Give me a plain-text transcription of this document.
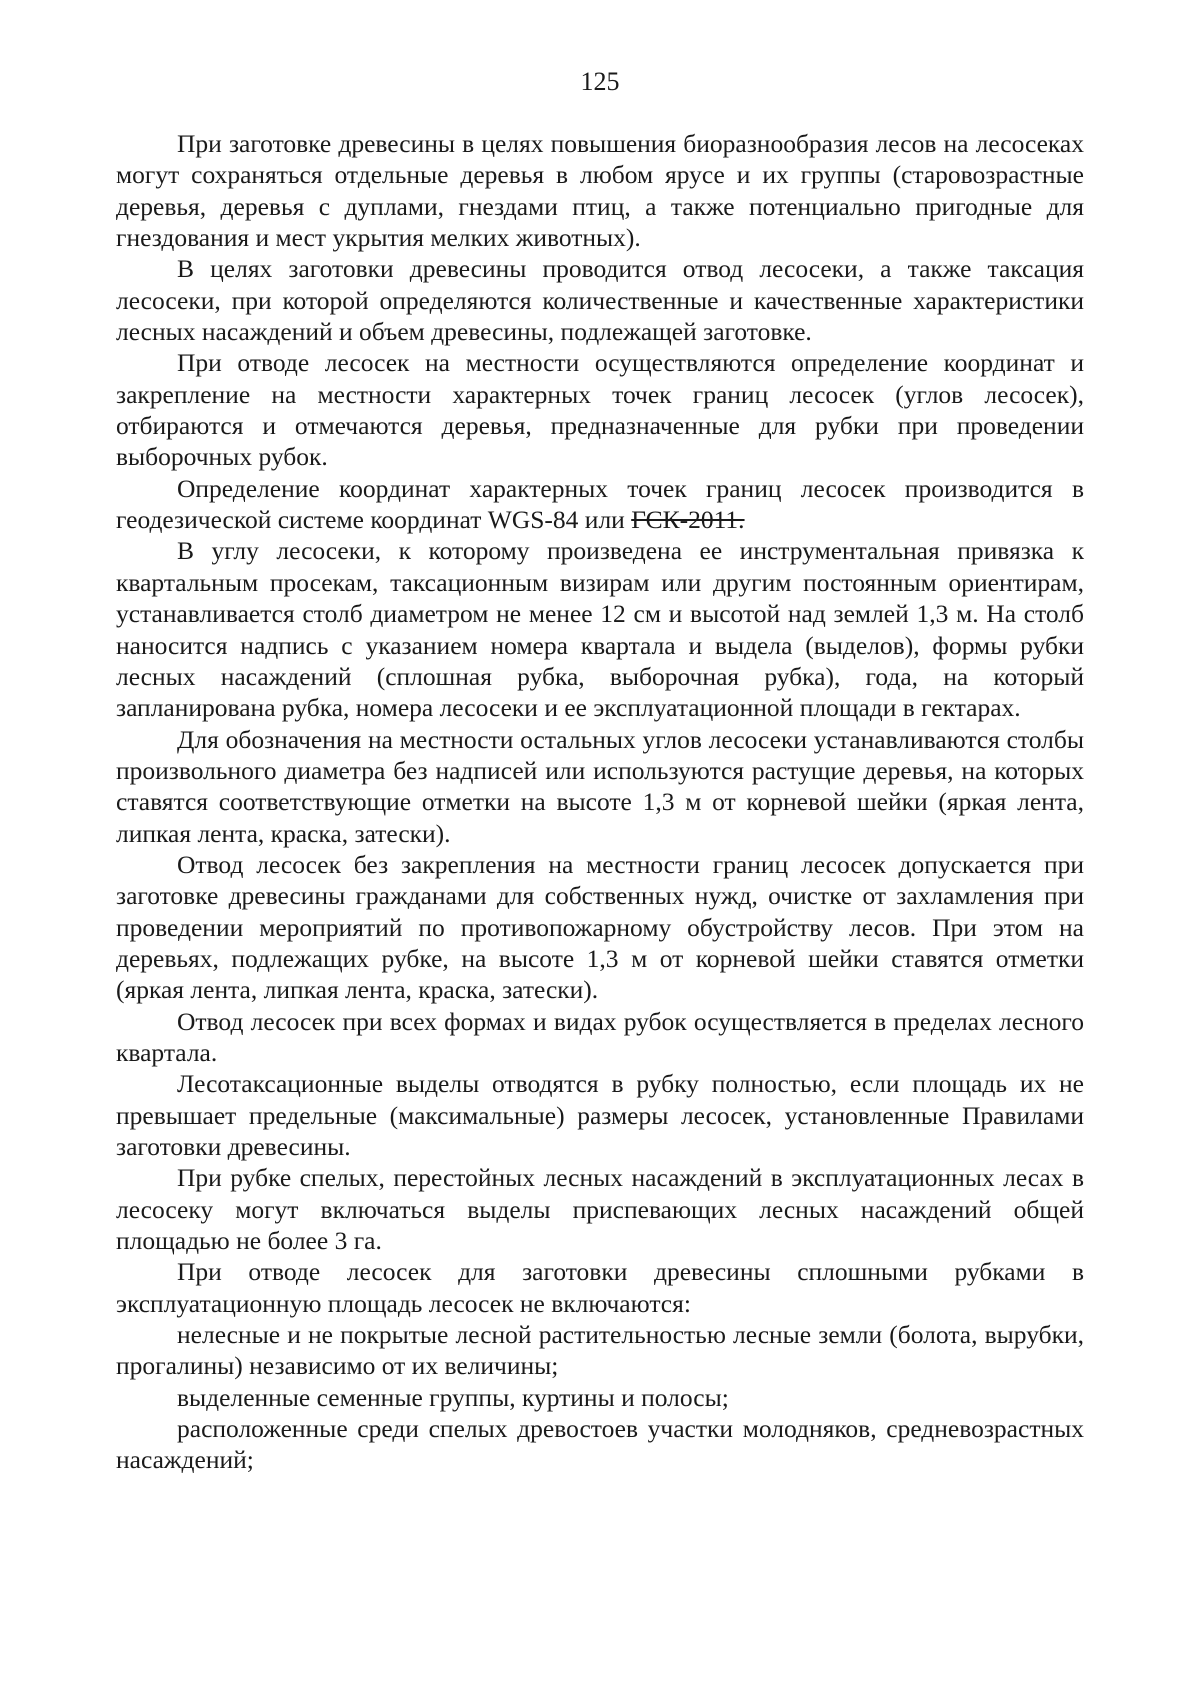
125

При заготовке древесины в целях повышения биоразнообразия лесов на лесосеках могут сохраняться отдельные деревья в любом ярусе и их группы (старовозрастные деревья, деревья с дуплами, гнездами птиц, а также потенциально пригодные для гнездования и мест укрытия мелких животных).

В целях заготовки древесины проводится отвод лесосеки, а также таксация лесосеки, при которой определяются количественные и качественные характеристики лесных насаждений и объем древесины, подлежащей заготовке.

При отводе лесосек на местности осуществляются определение координат и закрепление на местности характерных точек границ лесосек (углов лесосек), отбираются и отмечаются деревья, предназначенные для рубки при проведении выборочных рубок.

Определение координат характерных точек границ лесосек производится в геодезической системе координат WGS-84 или ГСК-2011.

В углу лесосеки, к которому произведена ее инструментальная привязка к квартальным просекам, таксационным визирам или другим постоянным ориентирам, устанавливается столб диаметром не менее 12 см и высотой над землей 1,3 м. На столб наносится надпись с указанием номера квартала и выдела (выделов), формы рубки лесных насаждений (сплошная рубка, выборочная рубка), года, на который запланирована рубка, номера лесосеки и ее эксплуатационной площади в гектарах.

Для обозначения на местности остальных углов лесосеки устанавливаются столбы произвольного диаметра без надписей или используются растущие деревья, на которых ставятся соответствующие отметки на высоте 1,3 м от корневой шейки (яркая лента, липкая лента, краска, затески).

Отвод лесосек без закрепления на местности границ лесосек допускается при заготовке древесины гражданами для собственных нужд, очистке от захламления при проведении мероприятий по противопожарному обустройству лесов. При этом на деревьях, подлежащих рубке, на высоте 1,3 м от корневой шейки ставятся отметки (яркая лента, липкая лента, краска, затески).

Отвод лесосек при всех формах и видах рубок осуществляется в пределах лесного квартала.

Лесотаксационные выделы отводятся в рубку полностью, если площадь их не превышает предельные (максимальные) размеры лесосек, установленные Правилами заготовки древесины.

При рубке спелых, перестойных лесных насаждений в эксплуатационных лесах в лесосеку могут включаться выделы приспевающих лесных насаждений общей площадью не более 3 га.

При отводе лесосек для заготовки древесины сплошными рубками в эксплуатационную площадь лесосек не включаются:

нелесные и не покрытые лесной растительностью лесные земли (болота, вырубки, прогалины) независимо от их величины;

выделенные семенные группы, куртины и полосы;

расположенные среди спелых древостоев участки молодняков, средневозрастных насаждений;
